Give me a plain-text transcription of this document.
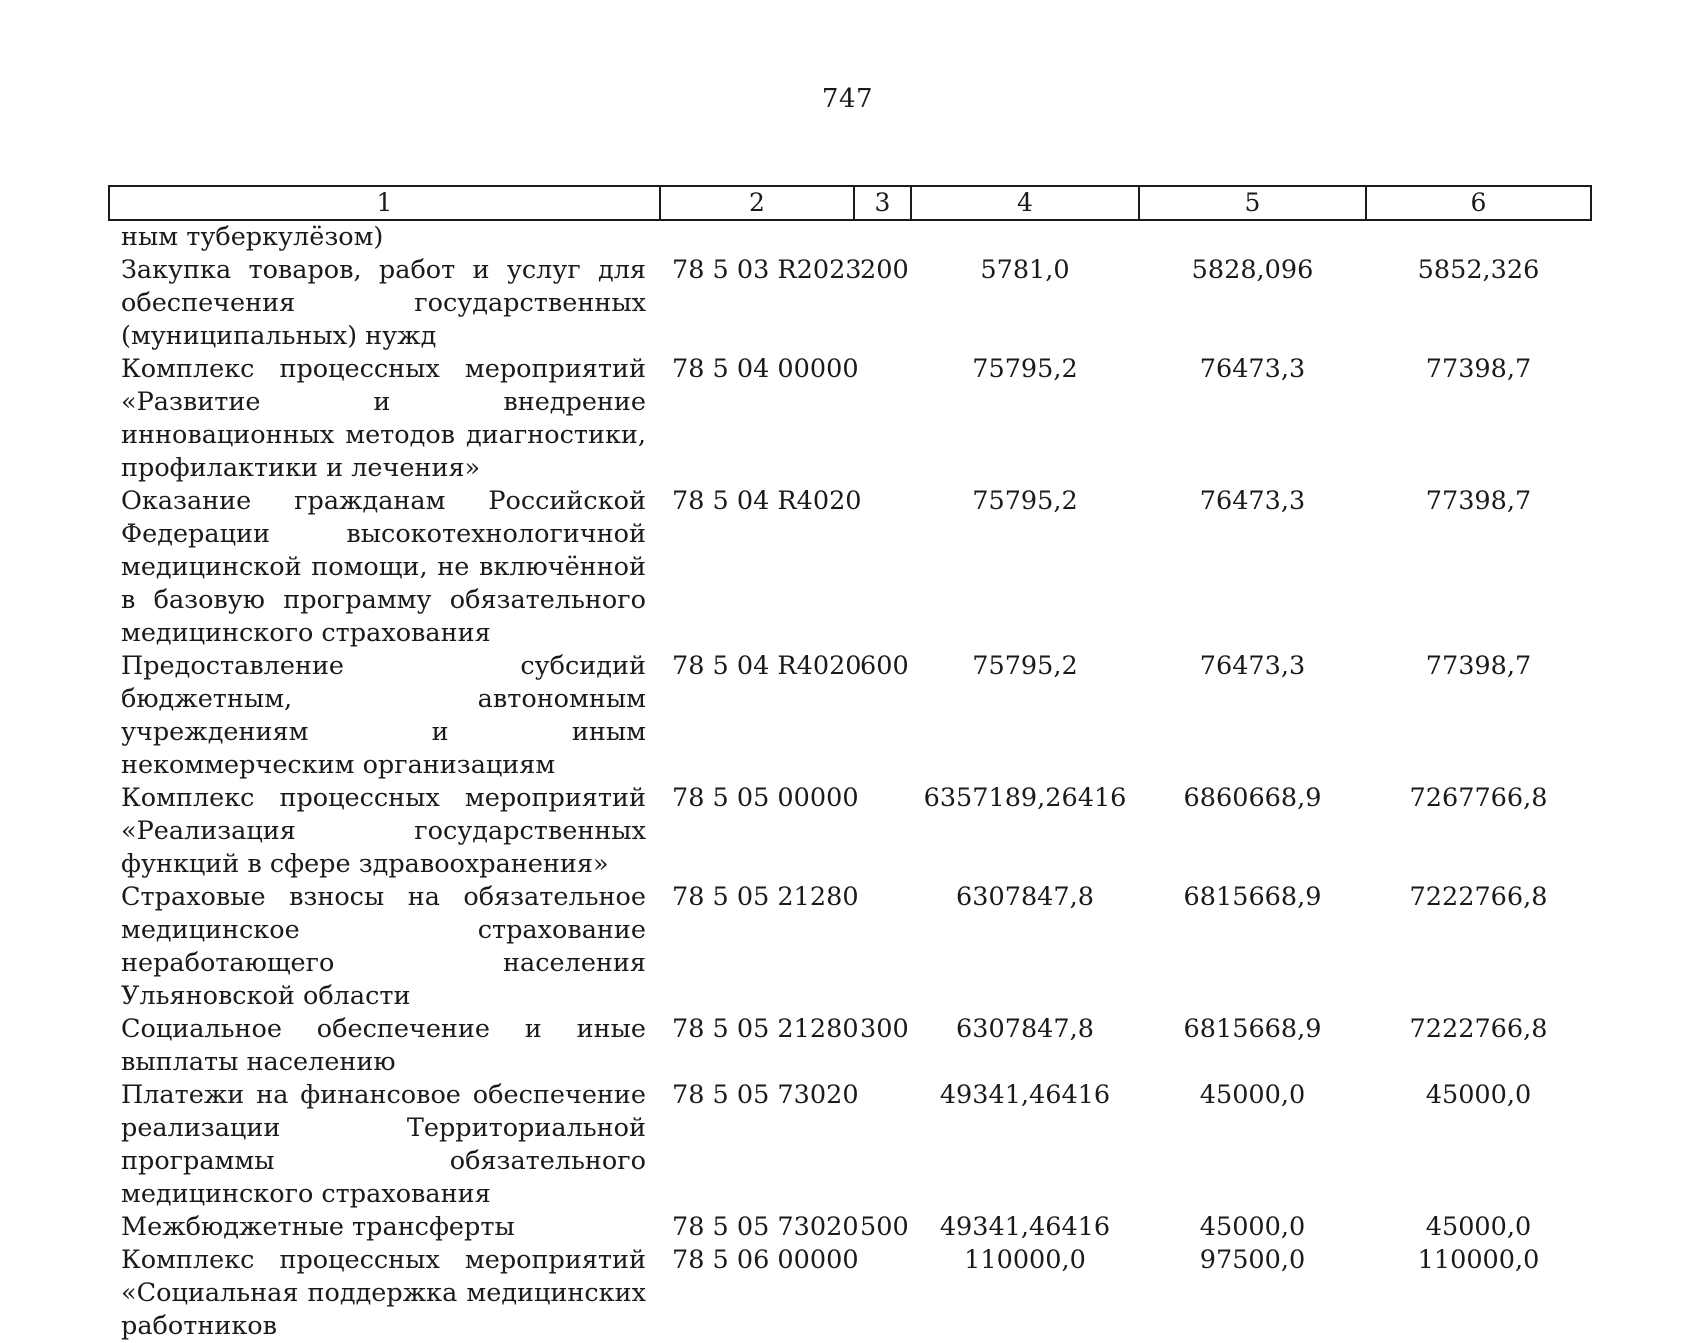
747
1	2	3	4	5	6
ным туберкулёзом)					
Закупка товаров, работ и услуг для обеспечения государственных (муниципальных) нужд	78 5 03 R2023	200	5781,0	5828,096	5852,326
Комплекс процессных мероприятий «Развитие и внедрение инновационных методов диагностики, профилактики и лечения»	78 5 04 00000		75795,2	76473,3	77398,7
Оказание гражданам Российской Федерации высокотехнологичной медицинской помощи, не включённой в базовую программу обязательного медицинского страхования	78 5 04 R4020		75795,2	76473,3	77398,7
Предоставление субсидий бюджетным, автономным учреждениям и иным некоммерческим организациям	78 5 04 R4020	600	75795,2	76473,3	77398,7
Комплекс процессных мероприятий «Реализация государственных функций в сфере здравоохранения»	78 5 05 00000		6357189,26416	6860668,9	7267766,8
Страховые взносы на обязательное медицинское страхование неработающего населения Ульяновской области	78 5 05 21280		6307847,8	6815668,9	7222766,8
Социальное обеспечение и иные выплаты населению	78 5 05 21280	300	6307847,8	6815668,9	7222766,8
Платежи на финансовое обеспечение реализации Территориальной программы обязательного медицинского страхования	78 5 05 73020		49341,46416	45000,0	45000,0
Межбюджетные трансферты	78 5 05 73020	500	49341,46416	45000,0	45000,0
Комплекс процессных мероприятий «Социальная поддержка медицинских работников	78 5 06 00000		110000,0	97500,0	110000,0
